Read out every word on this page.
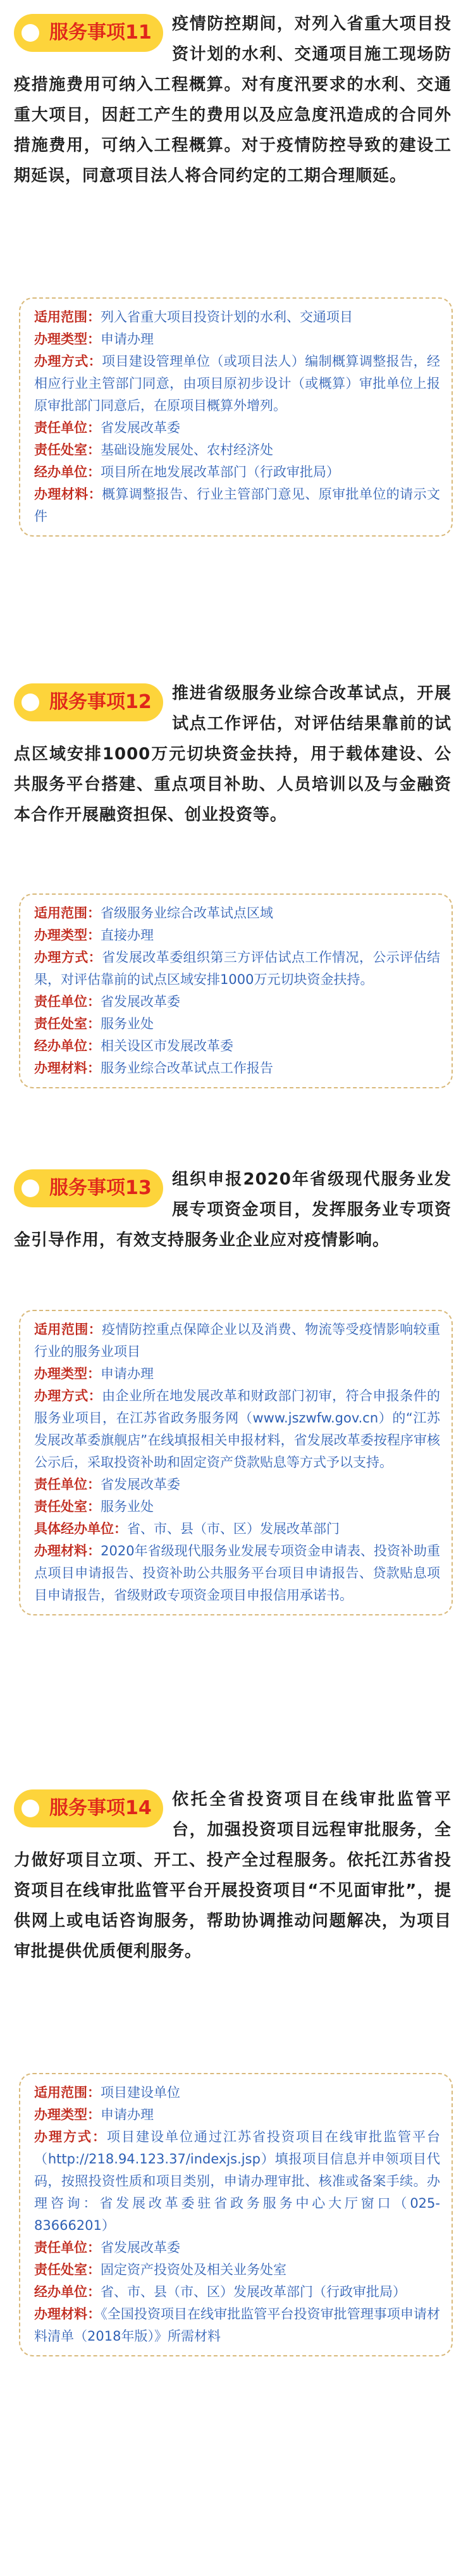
服务事项11	疫情防控期间，对列入省重大项目投资计划的水利、交通项目施工现场防疫措施费用可纳入工程概算。对有度汛要求的水利、交通重大项目，因赶工产生的费用以及应急度汛造成的合同外措施费用，可纳入工程概算。对于疫情防控导致的建设工期延误，同意项目法人将合同约定的工期合理顺延。
适用范围：列入省重大项目投资计划的水利、交通项目
办理类型：申请办理
办理方式：项目建设管理单位（或项目法人）编制概算调整报告，经相应行业主管部门同意，由项目原初步设计（或概算）审批单位上报原审批部门同意后，在原项目概算外增列。
责任单位：省发展改革委
责任处室：基础设施发展处、农村经济处
经办单位：项目所在地发展改革部门（行政审批局）
办理材料：概算调整报告、行业主管部门意见、原审批单位的请示文件
服务事项12	推进省级服务业综合改革试点，开展试点工作评估，对评估结果靠前的试点区域安排1000万元切块资金扶持，用于载体建设、公共服务平台搭建、重点项目补助、人员培训以及与金融资本合作开展融资担保、创业投资等。
适用范围：省级服务业综合改革试点区域
办理类型：直接办理
办理方式：省发展改革委组织第三方评估试点工作情况，公示评估结果，对评估靠前的试点区域安排1000万元切块资金扶持。
责任单位：省发展改革委
责任处室：服务业处
经办单位：相关设区市发展改革委
办理材料：服务业综合改革试点工作报告
服务事项13	组织申报2020年省级现代服务业发展专项资金项目，发挥服务业专项资金引导作用，有效支持服务业企业应对疫情影响。
适用范围：疫情防控重点保障企业以及消费、物流等受疫情影响较重行业的服务业项目
办理类型：申请办理
办理方式：由企业所在地发展改革和财政部门初审，符合申报条件的服务业项目，在江苏省政务服务网（www.jszwfw.gov.cn）的“江苏发展改革委旗舰店”在线填报相关申报材料，省发展改革委按程序审核公示后，采取投资补助和固定资产贷款贴息等方式予以支持。
责任单位：省发展改革委
责任处室：服务业处
具体经办单位：省、市、县（市、区）发展改革部门
办理材料：2020年省级现代服务业发展专项资金申请表、投资补助重点项目申请报告、投资补助公共服务平台项目申请报告、贷款贴息项目申请报告，省级财政专项资金项目申报信用承诺书。
服务事项14	依托全省投资项目在线审批监管平台，加强投资项目远程审批服务，全力做好项目立项、开工、投产全过程服务。依托江苏省投资项目在线审批监管平台开展投资项目“不见面审批”，提供网上或电话咨询服务，帮助协调推动问题解决，为项目审批提供优质便利服务。
适用范围：项目建设单位
办理类型：申请办理
办理方式：项目建设单位通过江苏省投资项目在线审批监管平台（http://218.94.123.37/indexjs.jsp）填报项目信息并申领项目代码，按照投资性质和项目类别，申请办理审批、核准或备案手续。办理咨询：省发展改革委驻省政务服务中心大厅窗口（025-83666201）
责任单位：省发展改革委
责任处室：固定资产投资处及相关业务处室
经办单位：省、市、县（市、区）发展改革部门（行政审批局）
办理材料：《全国投资项目在线审批监管平台投资审批管理事项申请材料清单（2018年版）》所需材料
